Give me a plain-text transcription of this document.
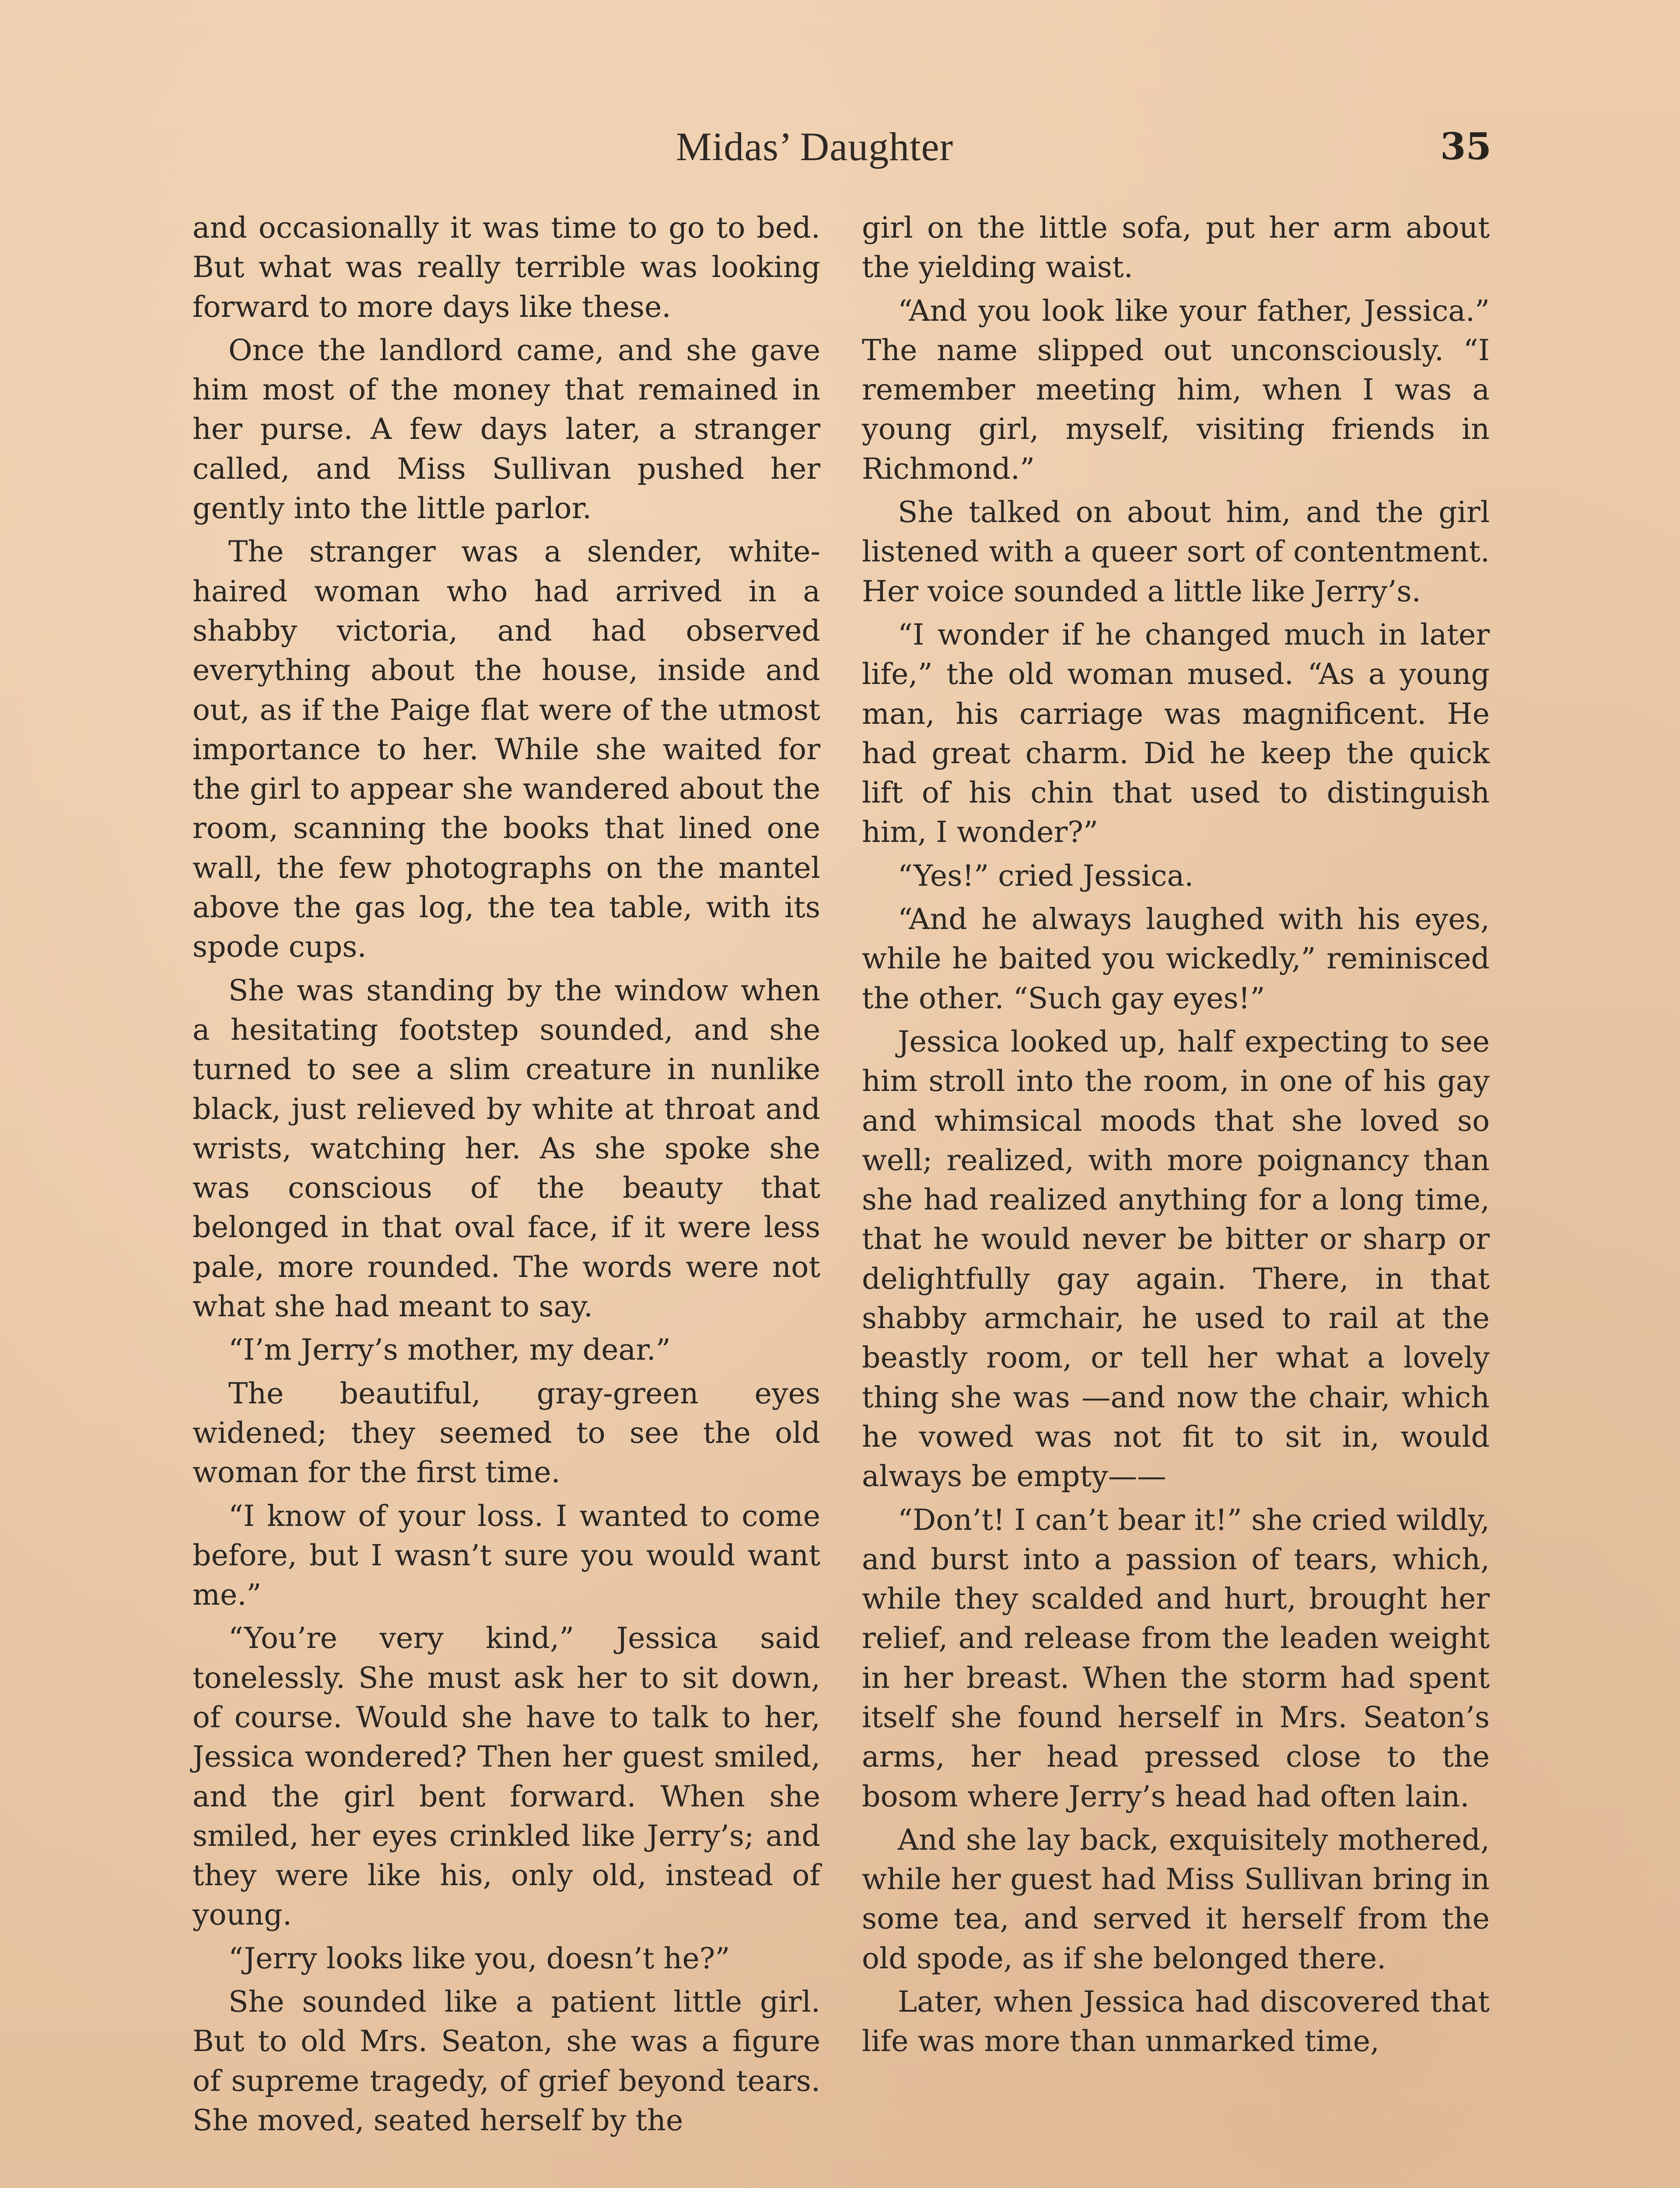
Midas’ Daughter	35

and occasionally it was time to go to bed. But what was really terrible was looking forward to more days like these.

Once the landlord came, and she gave him most of the money that remained in her purse. A few days later, a stranger called, and Miss Sullivan pushed her gently into the little parlor.

The stranger was a slender, white-haired woman who had arrived in a shabby victoria, and had observed everything about the house, inside and out, as if the Paige flat were of the utmost importance to her. While she waited for the girl to appear she wandered about the room, scanning the books that lined one wall, the few photographs on the mantel above the gas log, the tea table, with its spode cups.

She was standing by the window when a hesitating footstep sounded, and she turned to see a slim creature in nunlike black, just relieved by white at throat and wrists, watching her. As she spoke she was conscious of the beauty that belonged in that oval face, if it were less pale, more rounded. The words were not what she had meant to say.

“I’m Jerry’s mother, my dear.”

The beautiful, gray-green eyes widened; they seemed to see the old woman for the first time.

“I know of your loss. I wanted to come before, but I wasn’t sure you would want me.”

“You’re very kind,” Jessica said tonelessly. She must ask her to sit down, of course. Would she have to talk to her, Jessica wondered? Then her guest smiled, and the girl bent forward. When she smiled, her eyes crinkled like Jerry’s; and they were like his, only old, instead of young.

“Jerry looks like you, doesn’t he?”

She sounded like a patient little girl. But to old Mrs. Seaton, she was a figure of supreme tragedy, of grief beyond tears. She moved, seated herself by the

girl on the little sofa, put her arm about the yielding waist.

“And you look like your father, Jessica.” The name slipped out unconsciously. “I remember meeting him, when I was a young girl, myself, visiting friends in Richmond.”

She talked on about him, and the girl listened with a queer sort of contentment. Her voice sounded a little like Jerry’s.

“I wonder if he changed much in later life,” the old woman mused. “As a young man, his carriage was magnificent. He had great charm. Did he keep the quick lift of his chin that used to distinguish him, I wonder?”

“Yes!” cried Jessica.

“And he always laughed with his eyes, while he baited you wickedly,” reminisced the other. “Such gay eyes!”

Jessica looked up, half expecting to see him stroll into the room, in one of his gay and whimsical moods that she loved so well; realized, with more poignancy than she had realized anything for a long time, that he would never be bitter or sharp or delightfully gay again. There, in that shabby armchair, he used to rail at the beastly room, or tell her what a lovely thing she was —and now the chair, which he vowed was not fit to sit in, would always be empty——

“Don’t! I can’t bear it!” she cried wildly, and burst into a passion of tears, which, while they scalded and hurt, brought her relief, and release from the leaden weight in her breast. When the storm had spent itself she found herself in Mrs. Seaton’s arms, her head pressed close to the bosom where Jerry’s head had often lain.

And she lay back, exquisitely mothered, while her guest had Miss Sullivan bring in some tea, and served it herself from the old spode, as if she belonged there.

Later, when Jessica had discovered that life was more than unmarked time,
